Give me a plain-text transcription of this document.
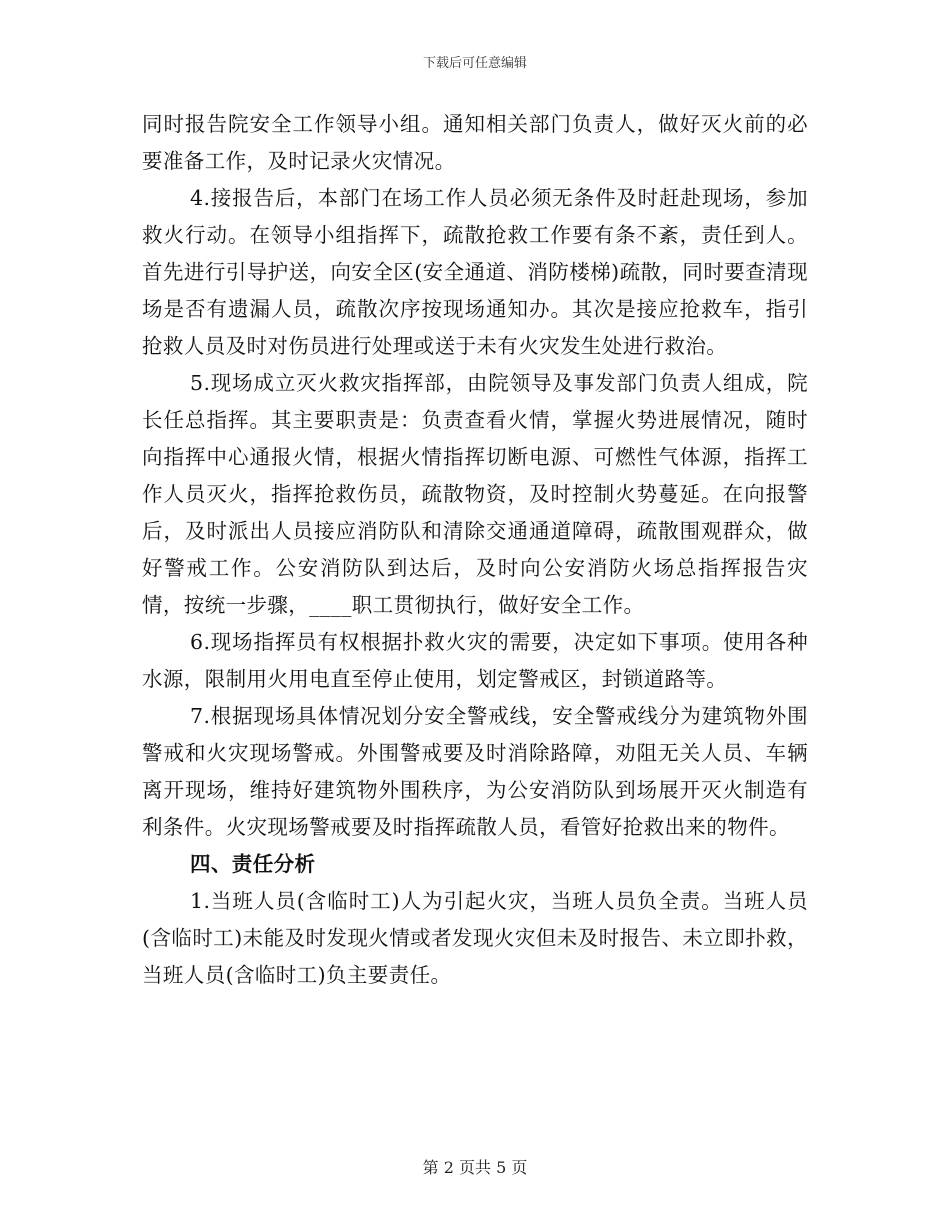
下载后可任意编辑

同时报告院安全工作领导小组。通知相关部门负责人，做好灭火前的必要准备工作，及时记录火灾情况。

4.接报告后，本部门在场工作人员必须无条件及时赶赴现场，参加救火行动。在领导小组指挥下，疏散抢救工作要有条不紊，责任到人。首先进行引导护送，向安全区(安全通道、消防楼梯)疏散，同时要查清现场是否有遗漏人员，疏散次序按现场通知办。其次是接应抢救车，指引抢救人员及时对伤员进行处理或送于未有火灾发生处进行救治。

5.现场成立灭火救灾指挥部，由院领导及事发部门负责人组成，院长任总指挥。其主要职责是：负责查看火情，掌握火势进展情况，随时向指挥中心通报火情，根据火情指挥切断电源、可燃性气体源，指挥工作人员灭火，指挥抢救伤员，疏散物资，及时控制火势蔓延。在向报警后，及时派出人员接应消防队和清除交通通道障碍，疏散围观群众，做好警戒工作。公安消防队到达后，及时向公安消防火场总指挥报告灾情，按统一步骤，____职工贯彻执行，做好安全工作。

6.现场指挥员有权根据扑救火灾的需要，决定如下事项。使用各种水源，限制用火用电直至停止使用，划定警戒区，封锁道路等。

7.根据现场具体情况划分安全警戒线，安全警戒线分为建筑物外围警戒和火灾现场警戒。外围警戒要及时消除路障，劝阻无关人员、车辆离开现场，维持好建筑物外围秩序，为公安消防队到场展开灭火制造有利条件。火灾现场警戒要及时指挥疏散人员，看管好抢救出来的物件。

四、责任分析

1.当班人员(含临时工)人为引起火灾，当班人员负全责。当班人员(含临时工)未能及时发现火情或者发现火灾但未及时报告、未立即扑救，当班人员(含临时工)负主要责任。

第 2 页共 5 页
